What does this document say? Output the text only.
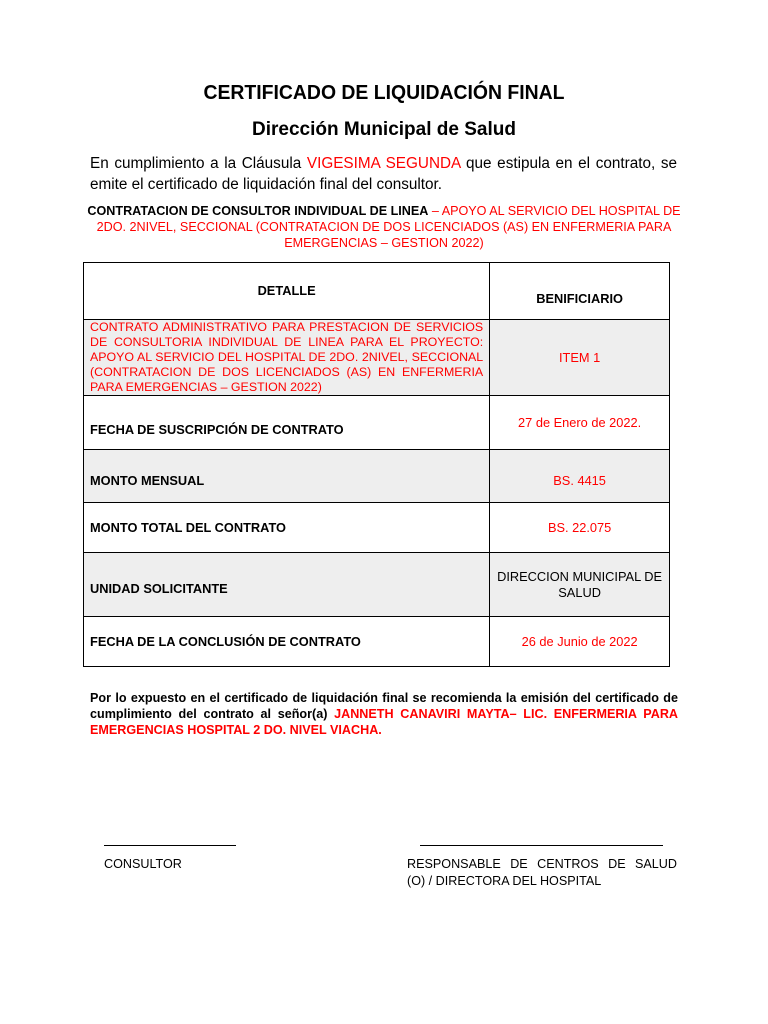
CERTIFICADO DE LIQUIDACIÓN FINAL
Dirección Municipal de Salud
En cumplimiento a la Cláusula VIGESIMA SEGUNDA que estipula en el contrato, se emite el certificado de liquidación final del consultor.
CONTRATACION DE CONSULTOR INDIVIDUAL DE LINEA – APOYO AL SERVICIO DEL HOSPITAL DE 2DO. 2NIVEL, SECCIONAL (CONTRATACION DE DOS LICENCIADOS (AS) EN ENFERMERIA PARA EMERGENCIAS – GESTION 2022)
DETALLE	BENIFICIARIO
CONTRATO ADMINISTRATIVO PARA PRESTACION DE SERVICIOS DE CONSULTORIA INDIVIDUAL DE LINEA PARA EL PROYECTO: APOYO AL SERVICIO DEL HOSPITAL DE 2DO. 2NIVEL, SECCIONAL (CONTRATACION DE DOS LICENCIADOS (AS) EN ENFERMERIA PARA EMERGENCIAS – GESTION 2022)	ITEM 1
FECHA DE SUSCRIPCIÓN DE CONTRATO	27 de Enero de 2022.
MONTO MENSUAL	BS. 4415
MONTO TOTAL DEL CONTRATO	BS. 22.075
UNIDAD SOLICITANTE	DIRECCION MUNICIPAL DE SALUD
FECHA DE LA CONCLUSIÓN DE CONTRATO	26 de Junio de 2022
Por lo expuesto en el certificado de liquidación final se recomienda la emisión del certificado de cumplimiento del contrato al señor(a) JANNETH CANAVIRI MAYTA– LIC. ENFERMERIA PARA EMERGENCIAS HOSPITAL 2 DO. NIVEL VIACHA.
CONSULTOR	RESPONSABLE DE CENTROS DE SALUD
(O) / DIRECTORA DEL HOSPITAL
